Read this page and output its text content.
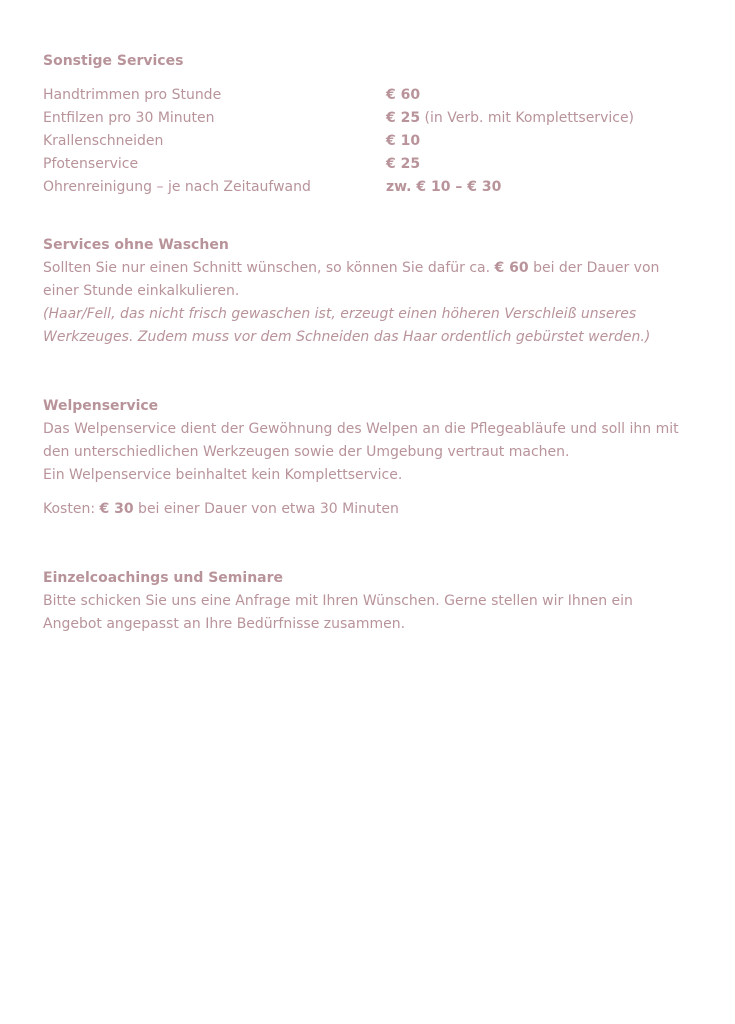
Sonstige Services

Handtrimmen pro Stunde	€ 60
Entfilzen pro 30 Minuten	€ 25 (in Verb. mit Komplettservice)
Krallenschneiden	€ 10
Pfotenservice	€ 25
Ohrenreinigung – je nach Zeitaufwand	zw. € 10 – € 30

Services ohne Waschen

Sollten Sie nur einen Schnitt wünschen, so können Sie dafür ca. € 60 bei der Dauer von

einer Stunde einkalkulieren.

(Haar/Fell, das nicht frisch gewaschen ist, erzeugt einen höheren Verschleiß unseres

Werkzeuges. Zudem muss vor dem Schneiden das Haar ordentlich gebürstet werden.)

Welpenservice

Das Welpenservice dient der Gewöhnung des Welpen an die Pflegeabläufe und soll ihn mit

den unterschiedlichen Werkzeugen sowie der Umgebung vertraut machen.

Ein Welpenservice beinhaltet kein Komplettservice.

Kosten: € 30 bei einer Dauer von etwa 30 Minuten

Einzelcoachings und Seminare

Bitte schicken Sie uns eine Anfrage mit Ihren Wünschen. Gerne stellen wir Ihnen ein

Angebot angepasst an Ihre Bedürfnisse zusammen.
